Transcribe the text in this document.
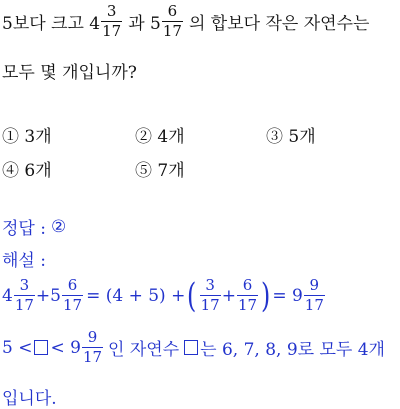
5보다 크고 $4 \frac{3}{17}$ 과 $5 \frac{6}{17}$ 의 합보다 작은 자연수는
모두 몇 개입니까?
① 3개	② 4개	③ 5개
④ 6개	⑤ 7개
정답 : ②
해설 :
$4 \frac{3}{17} + 5 \frac{6}{17} = (4 + 5)$ + ( $\frac{3}{17} + \frac{6}{17}$ ) = $9 \frac{9}{17}$
5 < < $9 \frac{9}{17}$ 인 자연수 는 6, 7, 8, 9로 모두 4개
입니다.
